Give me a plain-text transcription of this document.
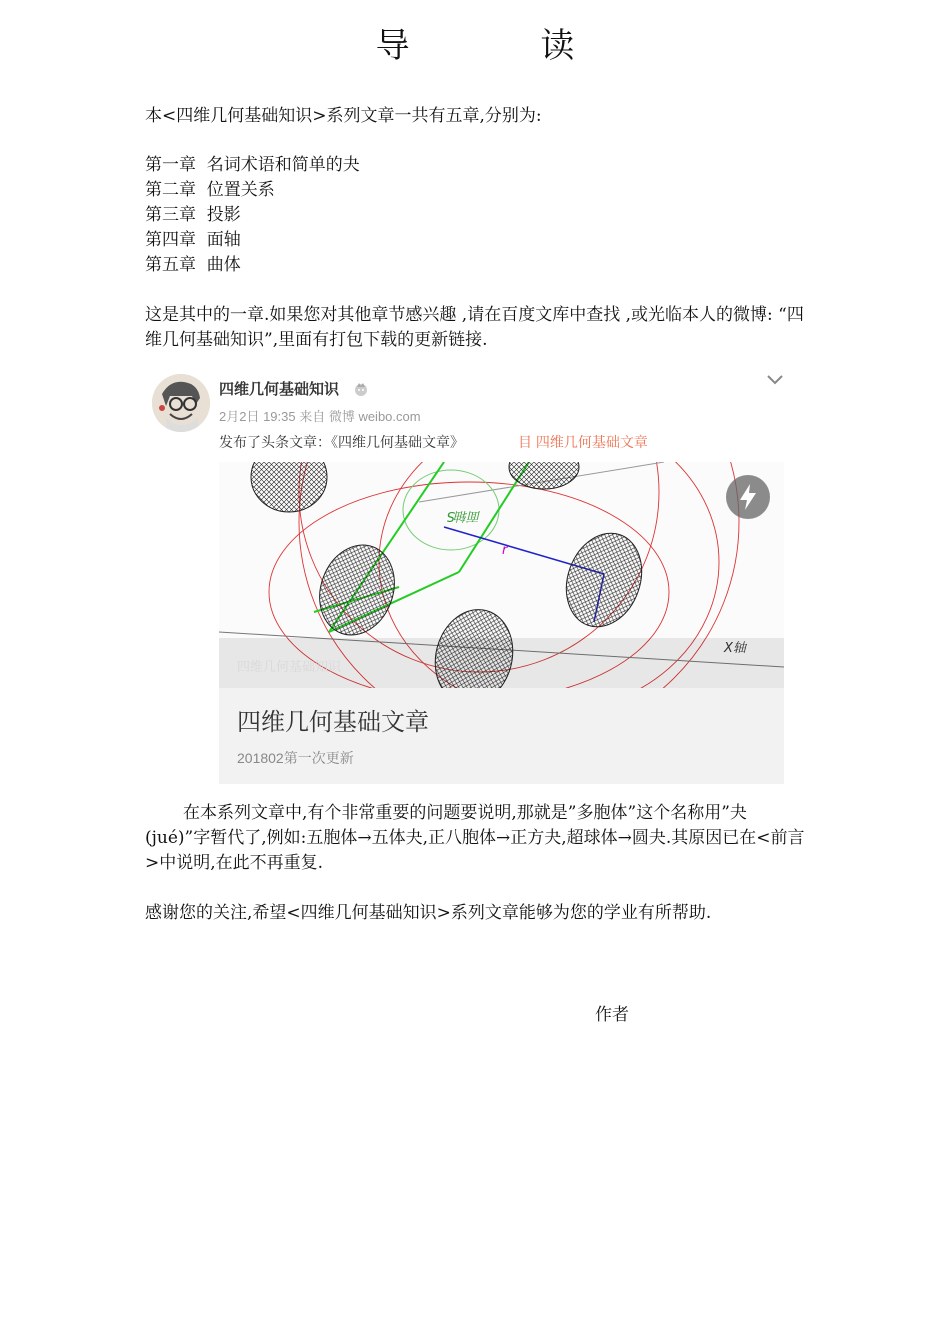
导 读
本<四维几何基础知识>系列文章一共有五章,分别为:
第一章  名词术语和简单的夬
第二章  位置关系
第三章  投影
第四章  面轴
第五章  曲体
这是其中的一章.如果您对其他章节感兴趣 ,请在百度文库中查找 ,或光临本人的微博: “四维几何基础知识”,里面有打包下载的更新链接.
四维几何基础知识
2月2日 19:35 来自 微博 weibo.com
发布了头条文章：《四维几何基础文章》	目 四维几何基础文章
面轴S
r
X轴
四维几何基础知识
四维几何基础文章
201802第一次更新
在本系列文章中,有个非常重要的问题要说明,那就是”多胞体”这个名称用”夬(jué)”字暂代了,例如:五胞体→五体夬,正八胞体→正方夬,超球体→圆夬.其原因已在<前言>中说明,在此不再重复.
感谢您的关注,希望<四维几何基础知识>系列文章能够为您的学业有所帮助.
作者
